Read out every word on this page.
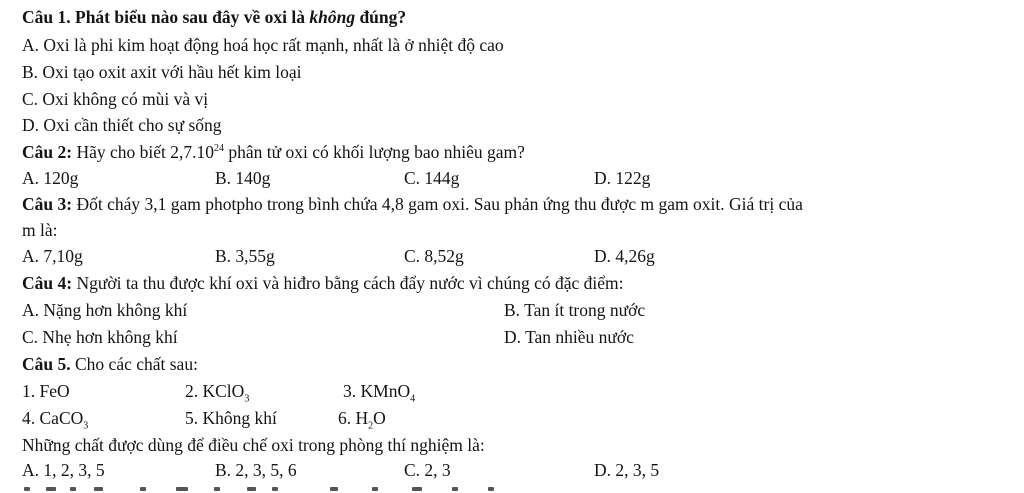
Câu 1. Phát biểu nào sau đây về oxi là không đúng?
A. Oxi là phi kim hoạt động hoá học rất mạnh, nhất là ở nhiệt độ cao
B. Oxi tạo oxit axit với hầu hết kim loại
C. Oxi không có mùi và vị
D. Oxi cần thiết cho sự sống
Câu 2: Hãy cho biết 2,7.10$^{24}$ phân tử oxi có khối lượng bao nhiêu gam?
A. 120g	B. 140g	C. 144g	D. 122g
Câu 3: Đốt cháy 3,1 gam photpho trong bình chứa 4,8 gam oxi. Sau phản ứng thu được m gam oxit. Giá trị của
m là:
A. 7,10g	B. 3,55g	C. 8,52g	D. 4,26g
Câu 4: Người ta thu được khí oxi và hiđro bằng cách đẩy nước vì chúng có đặc điểm:
A. Nặng hơn không khí	B. Tan ít trong nước
C. Nhẹ hơn không khí	D. Tan nhiều nước
Câu 5. Cho các chất sau:
1. FeO	2. KClO$_3$	3. KMnO$_4$
4. CaCO$_3$	5. Không khí	6. $H_2O$
Những chất được dùng để điều chế oxi trong phòng thí nghiệm là:
A. 1, 2, 3, 5	B. 2, 3, 5, 6	C. 2, 3	D. 2, 3, 5
